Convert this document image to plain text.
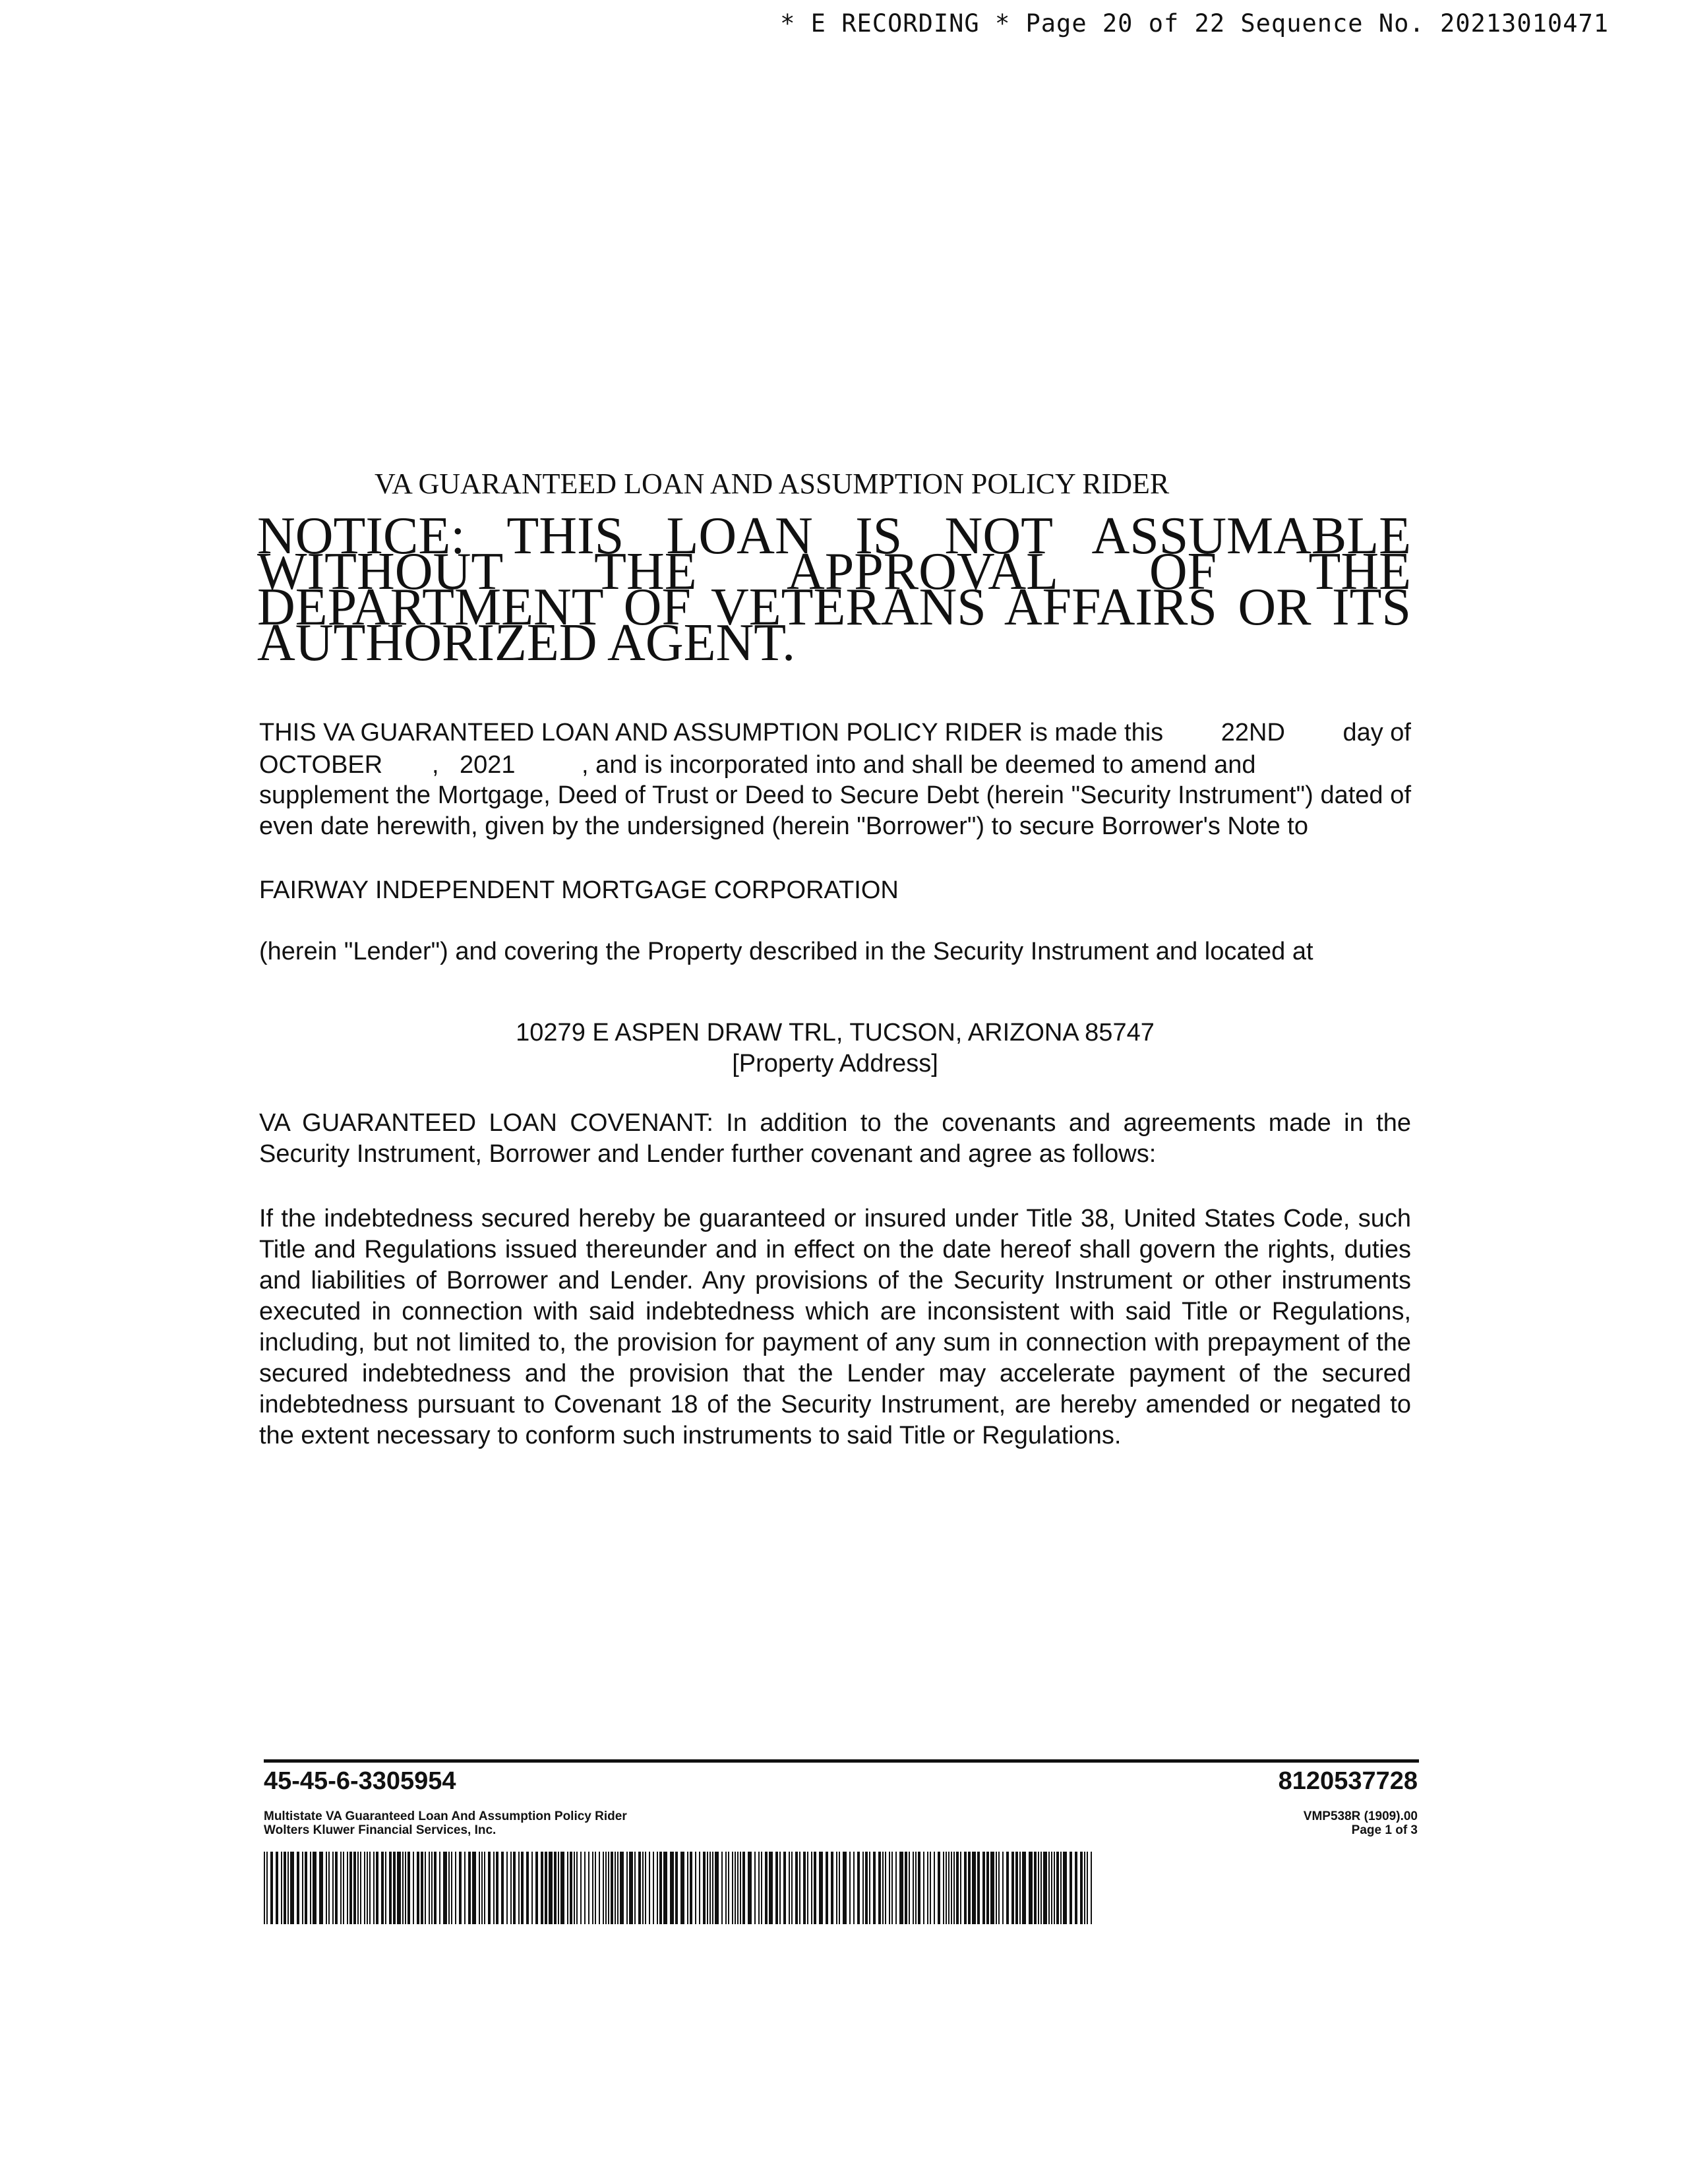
* E RECORDING * Page 20 of 22 Sequence No. 20213010471
VA GUARANTEED LOAN AND ASSUMPTION POLICY RIDER
NOTICE: THIS LOAN IS NOT ASSUMABLE WITHOUT THE APPROVAL OF THE DEPARTMENT OF VETERANS AFFAIRS OR ITS AUTHORIZED AGENT.
THIS VA GUARANTEED LOAN AND ASSUMPTION POLICY RIDER is made this 22ND day of
OCTOBER , 2021	, and is incorporated into and shall be deemed to amend and
supplement the Mortgage, Deed of Trust or Deed to Secure Debt (herein "Security Instrument") dated of even date herewith, given by the undersigned (herein "Borrower") to secure Borrower's Note to
FAIRWAY INDEPENDENT MORTGAGE CORPORATION
(herein "Lender") and covering the Property described in the Security Instrument and located at
10279 E ASPEN DRAW TRL, TUCSON, ARIZONA 85747
[Property Address]
VA GUARANTEED LOAN COVENANT: In addition to the covenants and agreements made in the Security Instrument, Borrower and Lender further covenant and agree as follows:
If the indebtedness secured hereby be guaranteed or insured under Title 38, United States Code, such Title and Regulations issued thereunder and in effect on the date hereof shall govern the rights, duties and liabilities of Borrower and Lender. Any provisions of the Security Instrument or other instruments executed in connection with said indebtedness which are inconsistent with said Title or Regulations, including, but not limited to, the provision for payment of any sum in connection with prepayment of the secured indebtedness and the provision that the Lender may accelerate payment of the secured indebtedness pursuant to Covenant 18 of the Security Instrument, are hereby amended or negated to the extent necessary to conform such instruments to said Title or Regulations.
45-45-6-3305954	8120537728
Multistate VA Guaranteed Loan And Assumption Policy Rider
Wolters Kluwer Financial Services, Inc.
VMP538R (1909).00
Page 1 of 3
